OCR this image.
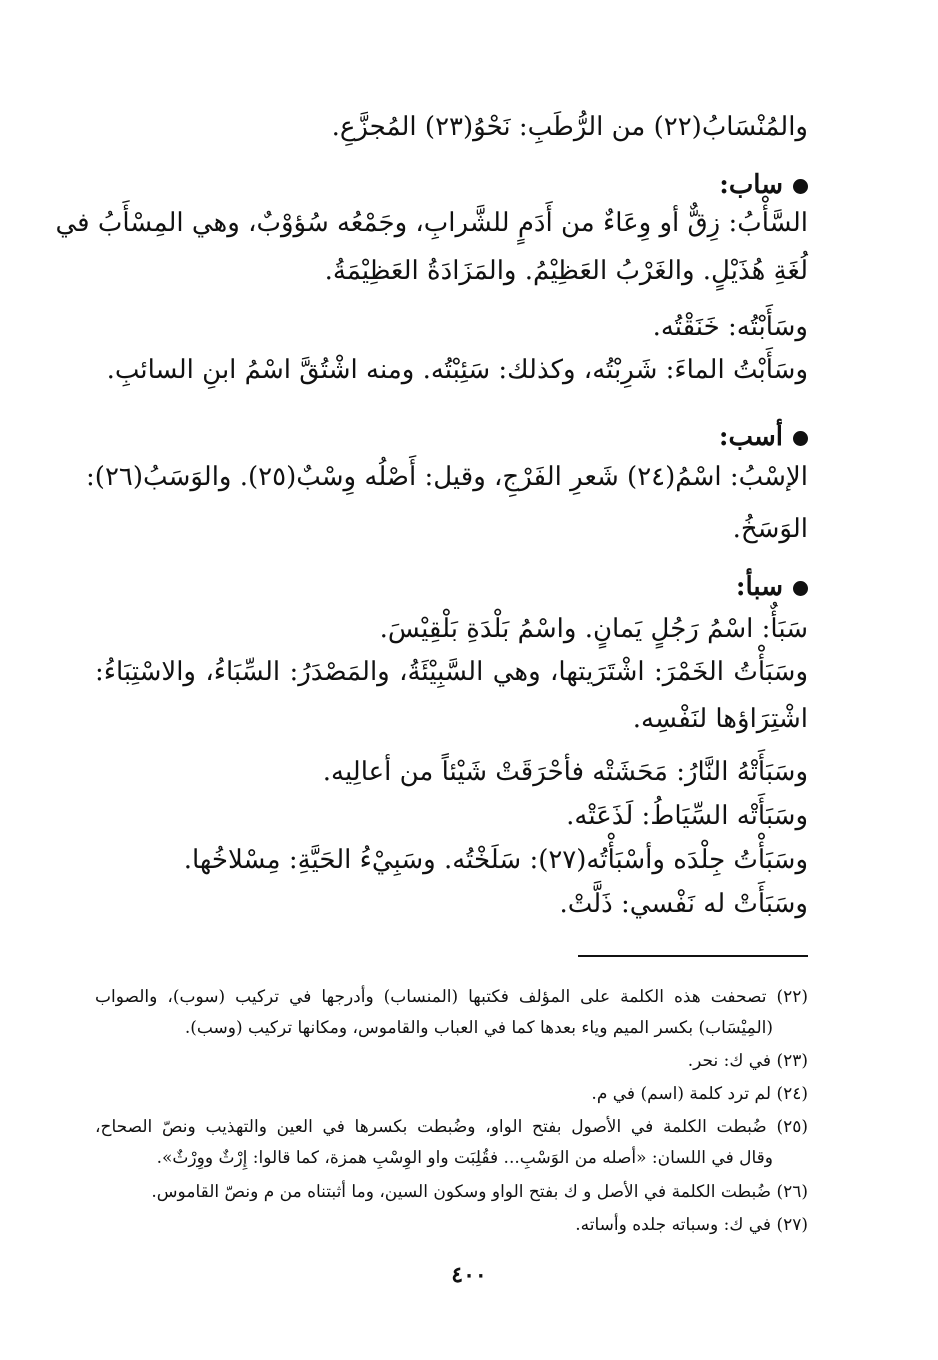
والمُنْسَابُ(٢٢) من الرُّطَبِ: نَحْوُ(٢٣) المُجزَّعِ.
ساب:
السَّأْبُ: زِقٌّ أو وِعَاءٌ من أَدَمٍ للشَّرابِ، وجَمْعُه سُؤوْبٌ، وهي المِسْأَبُ في
لُغَةِ هُذَيْلٍ. والغَرْبُ العَظِيْمُ. والمَزَادَةُ العَظِيْمَةُ.
وسَأَبْتُه: خَنَقْتُه.
وسَأَبْتُ الماءَ: شَرِبْتُه، وكذلك: سَئِبْتُه. ومنه اشْتُقَّ اسْمُ ابنِ السائبِ.
أسب:
الإسْبُ: اسْمُ(٢٤) شَعرِ الفَرْجِ، وقيل: أَصْلُه وِسْبٌ(٢٥). والوَسَبُ(٢٦):
الوَسَخُ.
سبأ:
سَبَأٌ: اسْمُ رَجُلٍ يَمانٍ. واسْمُ بَلْدَةِ بَلْقِيْسَ.
وسَبَأْتُ الخَمْرَ: اشْتَرَيتها، وهي السَّبِيْئَةُ، والمَصْدَرُ: السِّبَاءُ، والاسْتِبَاءُ:
اشْتِرَاؤها لنَفْسِه.
وسَبَأَتْهُ النَّارُ: مَحَشَتْه فأحْرَقَتْ شَيْئاً من أعالِيه.
وسَبَأَتْه السِّيَاطُ: لَذَعَتْه.
وسَبَأْتُ جِلْدَه وأسْبَأْتُه(٢٧): سَلَخْتُه. وسَبِيْءُ الحَيَّةِ: مِسْلاخُها.
وسَبَأَتْ له نَفْسي: ذَلَّتْ.
(٢٢) تصحفت هذه الكلمة على المؤلف فكتبها (المنساب) وأدرجها في تركيب (سوب)، والصواب
(المِيْسَاب) بكسر الميم وياء بعدها كما في العباب والقاموس، ومكانها تركيب (وسب).
(٢٣) في ك: نحر.
(٢٤) لم ترد كلمة (اسم) في م.
(٢٥) ضُبطت الكلمة في الأصول بفتح الواو، وضُبطت بكسرها في العين والتهذيب ونصّ الصحاح،
وقال في اللسان: «أصله من الوَسْبِ... فقُلِبَت واو الوِسْبِ همزة، كما قالوا: إِرْثٌ ووِرْثٌ».
(٢٦) ضُبطت الكلمة في الأصل و ك بفتح الواو وسكون السين، وما أثبتناه من م ونصّ القاموس.
(٢٧) في ك: وسباته جلده وأساته.
٤٠٠
